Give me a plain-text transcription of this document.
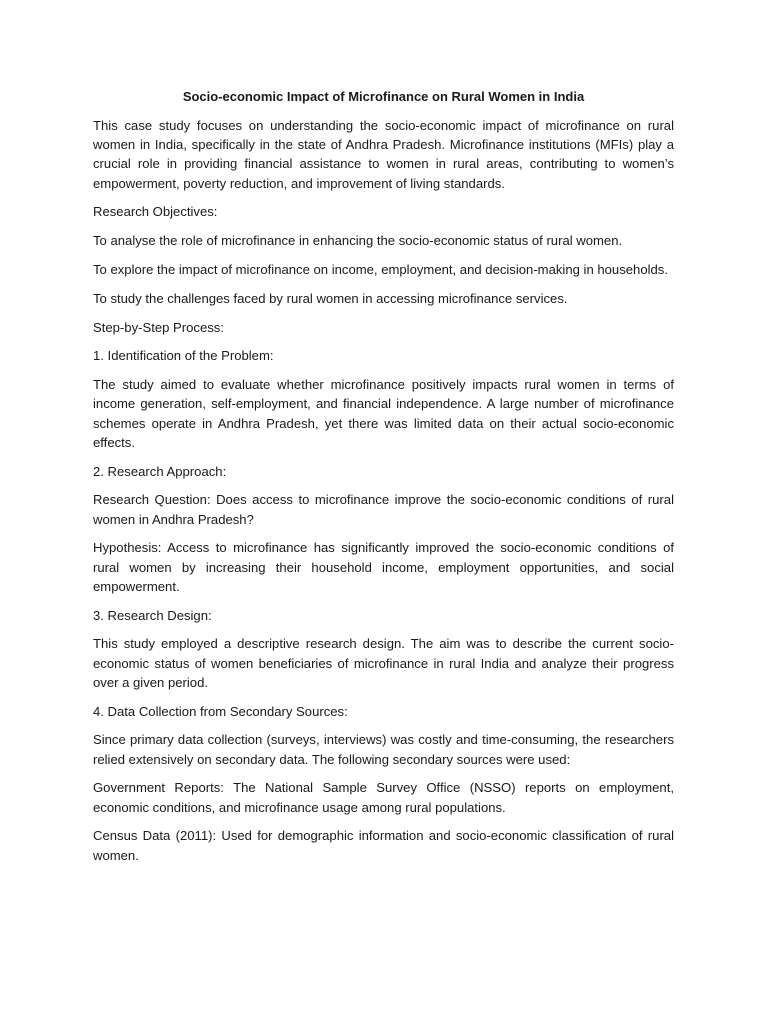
Socio-economic Impact of Microfinance on Rural Women in India

This case study focuses on understanding the socio-economic impact of microfinance on rural women in India, specifically in the state of Andhra Pradesh. Microfinance institutions (MFIs) play a crucial role in providing financial assistance to women in rural areas, contributing to women’s empowerment, poverty reduction, and improvement of living standards.

Research Objectives:

To analyse the role of microfinance in enhancing the socio-economic status of rural women.

To explore the impact of microfinance on income, employment, and decision-making in households.

To study the challenges faced by rural women in accessing microfinance services.

Step-by-Step Process:

1. Identification of the Problem:

The study aimed to evaluate whether microfinance positively impacts rural women in terms of income generation, self-employment, and financial independence. A large number of microfinance schemes operate in Andhra Pradesh, yet there was limited data on their actual socio-economic effects.

2. Research Approach:

Research Question: Does access to microfinance improve the socio-economic conditions of rural women in Andhra Pradesh?

Hypothesis: Access to microfinance has significantly improved the socio-economic conditions of rural women by increasing their household income, employment opportunities, and social empowerment.

3. Research Design:

This study employed a descriptive research design. The aim was to describe the current socio-economic status of women beneficiaries of microfinance in rural India and analyze their progress over a given period.

4. Data Collection from Secondary Sources:

Since primary data collection (surveys, interviews) was costly and time-consuming, the researchers relied extensively on secondary data. The following secondary sources were used:

Government Reports: The National Sample Survey Office (NSSO) reports on employment, economic conditions, and microfinance usage among rural populations.

Census Data (2011): Used for demographic information and socio-economic classification of rural women.
